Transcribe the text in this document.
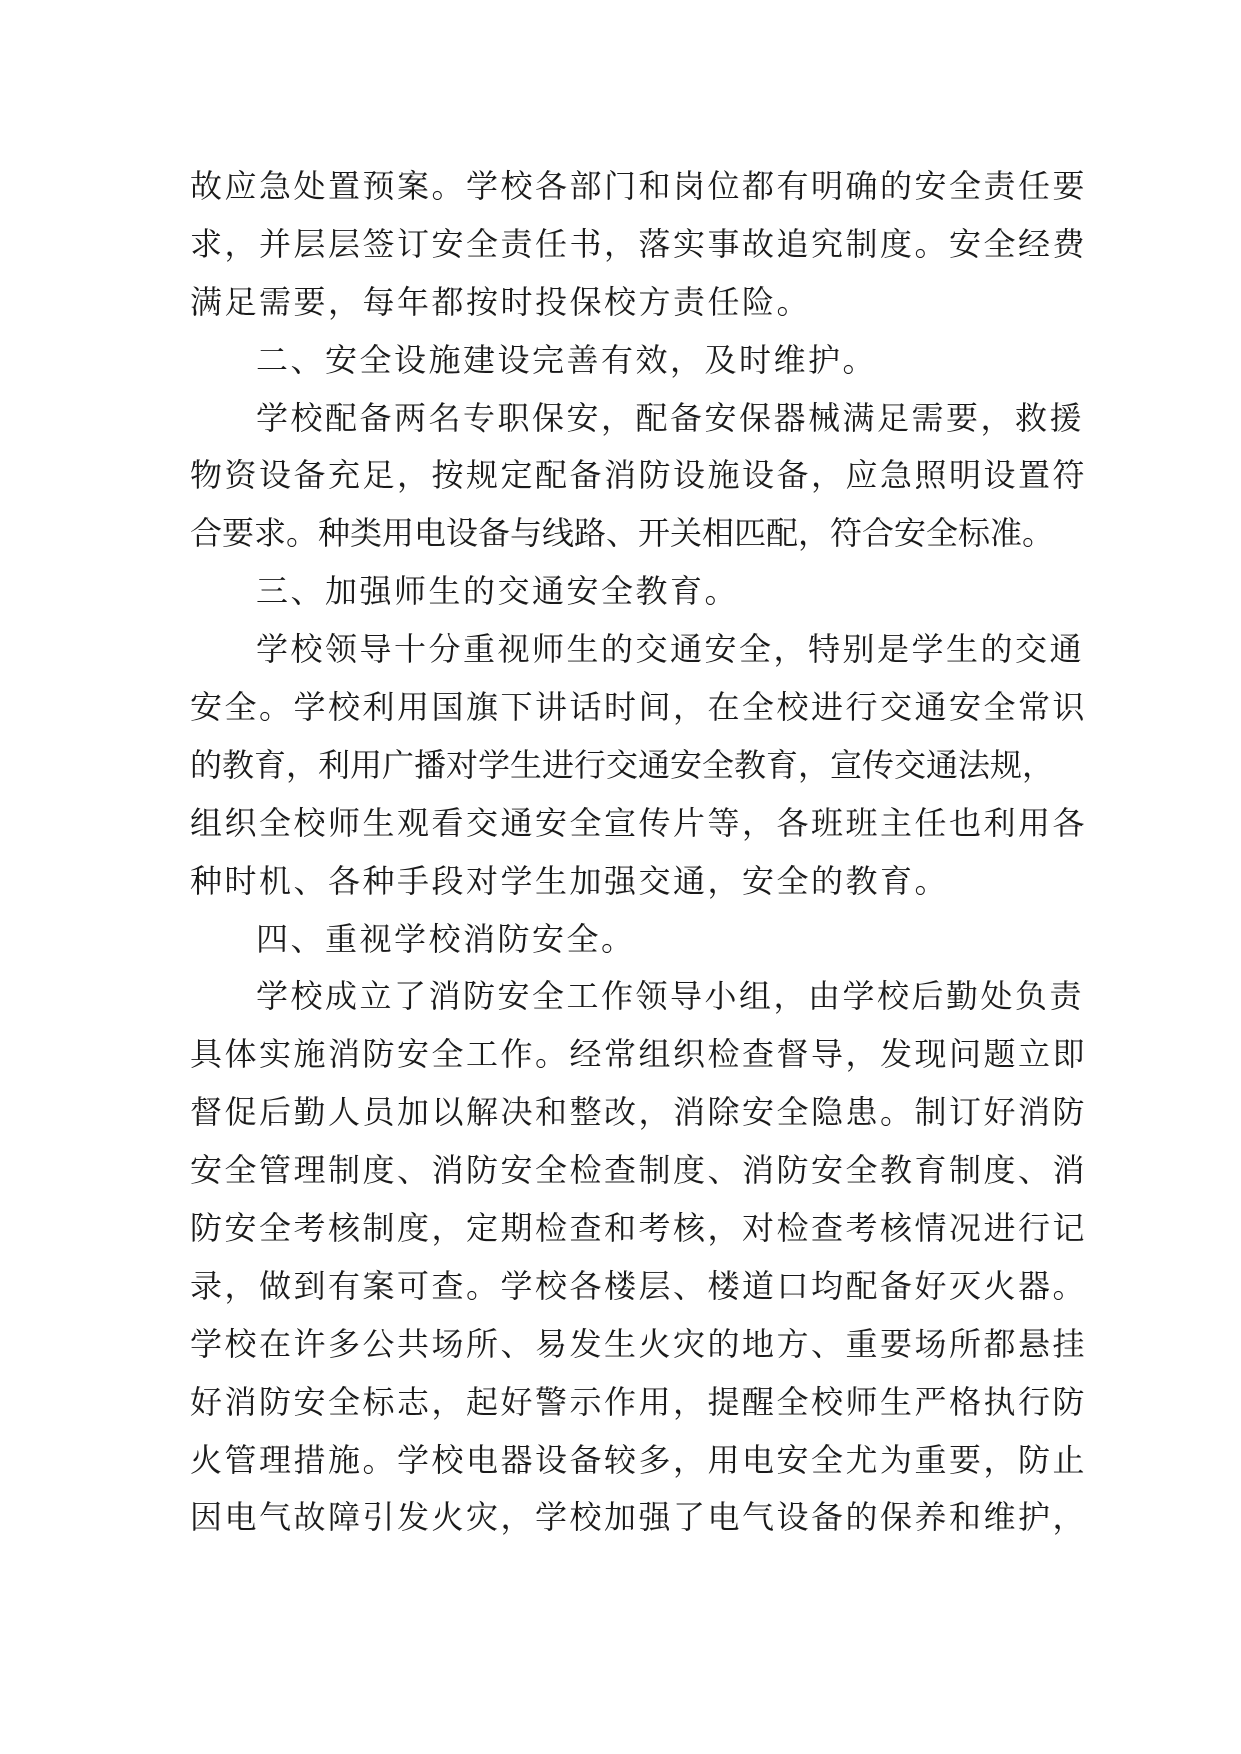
故应急处置预案。学校各部门和岗位都有明确的安全责任要
求，并层层签订安全责任书，落实事故追究制度。安全经费
满足需要，每年都按时投保校方责任险。
二、安全设施建设完善有效，及时维护。
学校配备两名专职保安，配备安保器械满足需要，救援
物资设备充足，按规定配备消防设施设备，应急照明设置符
合要求。种类用电设备与线路、开关相匹配，符合安全标准。
三、加强师生的交通安全教育。
学校领导十分重视师生的交通安全，特别是学生的交通
安全。学校利用国旗下讲话时间，在全校进行交通安全常识
的教育，利用广播对学生进行交通安全教育，宣传交通法规，
组织全校师生观看交通安全宣传片等，各班班主任也利用各
种时机、各种手段对学生加强交通，安全的教育。
四、重视学校消防安全。
学校成立了消防安全工作领导小组，由学校后勤处负责
具体实施消防安全工作。经常组织检查督导，发现问题立即
督促后勤人员加以解决和整改，消除安全隐患。制订好消防
安全管理制度、消防安全检查制度、消防安全教育制度、消
防安全考核制度，定期检查和考核，对检查考核情况进行记
录，做到有案可查。学校各楼层、楼道口均配备好灭火器。
学校在许多公共场所、易发生火灾的地方、重要场所都悬挂
好消防安全标志，起好警示作用，提醒全校师生严格执行防
火管理措施。学校电器设备较多，用电安全尤为重要，防止
因电气故障引发火灾，学校加强了电气设备的保养和维护，
